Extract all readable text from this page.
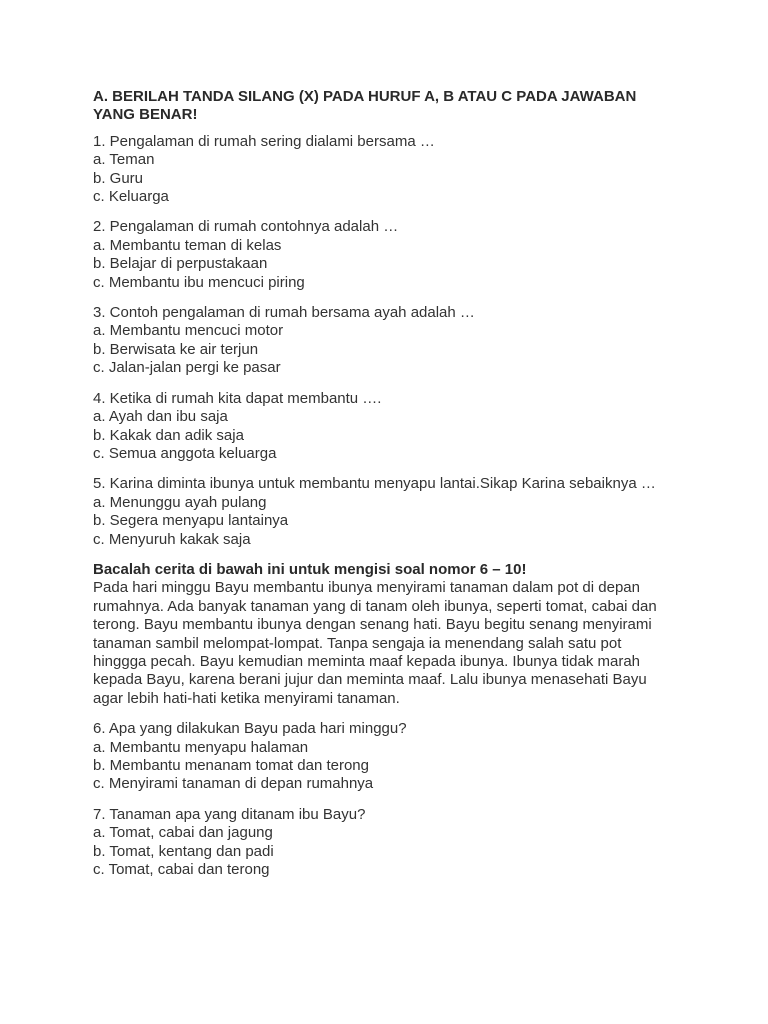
A. BERILAH TANDA SILANG (X) PADA HURUF A, B ATAU C PADA JAWABAN YANG BENAR!
1. Pengalaman di rumah sering dialami bersama …
a. Teman
b. Guru
c. Keluarga
2. Pengalaman di rumah contohnya adalah …
a. Membantu teman di kelas
b. Belajar di perpustakaan
c. Membantu ibu mencuci piring
3. Contoh pengalaman di rumah bersama ayah adalah …
a. Membantu mencuci motor
b. Berwisata ke air terjun
c. Jalan-jalan pergi ke pasar
4. Ketika di rumah kita dapat membantu ….
a. Ayah dan ibu saja
b. Kakak dan adik saja
c. Semua anggota keluarga
5. Karina diminta ibunya untuk membantu menyapu lantai.Sikap Karina sebaiknya …
a. Menunggu ayah pulang
b. Segera menyapu lantainya
c. Menyuruh kakak saja
Bacalah cerita di bawah ini untuk mengisi soal nomor 6 – 10!
Pada hari minggu Bayu membantu ibunya menyirami tanaman dalam pot di depan rumahnya. Ada banyak tanaman yang di tanam oleh ibunya, seperti tomat, cabai dan terong. Bayu membantu ibunya dengan senang hati. Bayu begitu senang menyirami tanaman sambil melompat-lompat. Tanpa sengaja ia menendang salah satu pot hinggga pecah. Bayu kemudian meminta maaf kepada ibunya. Ibunya tidak marah kepada Bayu, karena berani jujur dan meminta maaf. Lalu ibunya menasehati Bayu agar lebih hati-hati ketika menyirami tanaman.
6. Apa yang dilakukan Bayu pada hari minggu?
a. Membantu menyapu halaman
b. Membantu menanam tomat dan terong
c. Menyirami tanaman di depan rumahnya
7. Tanaman apa yang ditanam ibu Bayu?
a. Tomat, cabai dan jagung
b. Tomat, kentang dan padi
c. Tomat, cabai dan terong
